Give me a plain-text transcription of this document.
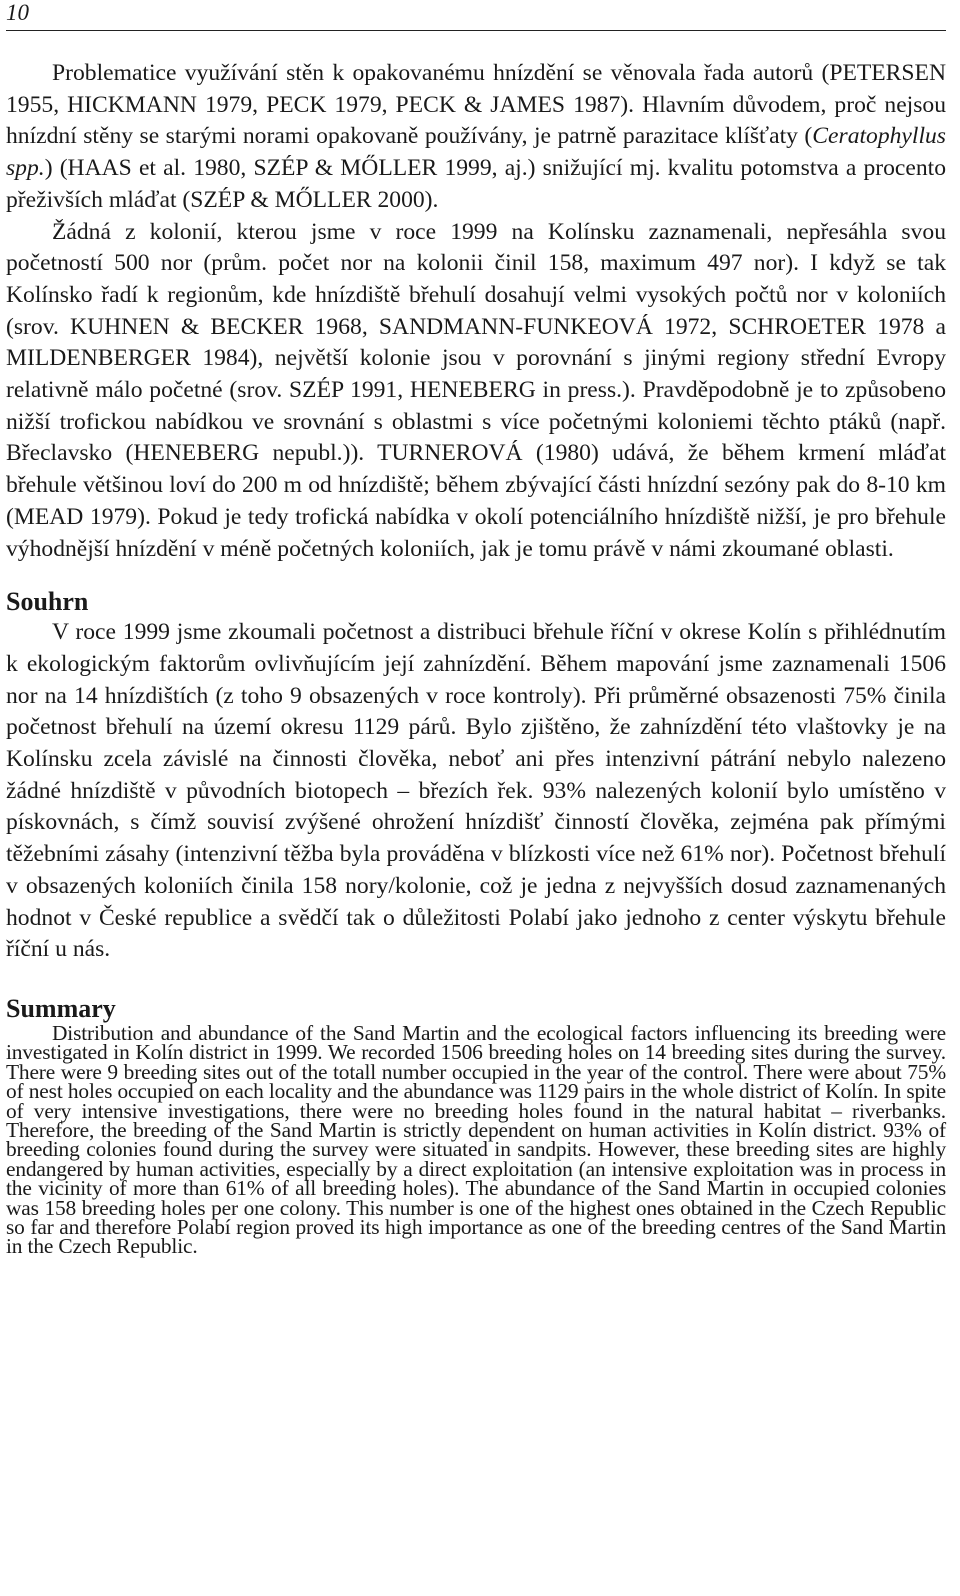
10

Problematice využívání stěn k opakovanému hnízdění se věnovala řada autorů (PETERSEN 1955, HICKMANN 1979, PECK 1979, PECK & JAMES 1987). Hlavním důvodem, proč nejsou hnízdní stěny se starými norami opakovaně používány, je patrně parazitace klíšťaty (Ceratophyllus spp.) (HAAS et al. 1980, SZÉP & MŐLLER 1999, aj.) snižující mj. kvalitu potomstva a procento přeživších mláďat (SZÉP & MŐLLER 2000).

Žádná z kolonií, kterou jsme v roce 1999 na Kolínsku zaznamenali, nepřesáhla svou početností 500 nor (prům. počet nor na kolonii činil 158, maximum 497 nor). I když se tak Kolínsko řadí k regionům, kde hnízdiště břehulí dosahují velmi vysokých počtů nor v koloniích (srov. KUHNEN & BECKER 1968, SANDMANN-FUNKEOVÁ 1972, SCHROETER 1978 a MILDENBERGER 1984), největší kolonie jsou v porovnání s jinými regiony střední Evropy relativně málo početné (srov. SZÉP 1991, HENEBERG in press.). Pravděpodobně je to způsobeno nižší trofickou nabídkou ve srovnání s oblastmi s více početnými koloniemi těchto ptáků (např. Břeclavsko (HENEBERG nepubl.)). TURNEROVÁ (1980) udává, že během krmení mláďat břehule většinou loví do 200 m od hnízdiště; během zbývající části hnízdní sezóny pak do 8-10 km (MEAD 1979). Pokud je tedy trofická nabídka v okolí potenciálního hnízdiště nižší, je pro břehule výhodnější hnízdění v méně početných koloniích, jak je tomu právě v námi zkoumané oblasti.

Souhrn

V roce 1999 jsme zkoumali početnost a distribuci břehule říční v okrese Kolín s přihlédnutím k ekologickým faktorům ovlivňujícím její zahnízdění. Během mapování jsme zaznamenali 1506 nor na 14 hnízdištích (z toho 9 obsazených v roce kontroly). Při průměrné obsazenosti 75% činila početnost břehulí na území okresu 1129 párů. Bylo zjištěno, že zahnízdění této vlaštovky je na Kolínsku zcela závislé na činnosti člověka, neboť ani přes intenzivní pátrání nebylo nalezeno žádné hnízdiště v původních biotopech – březích řek. 93% nalezených kolonií bylo umístěno v pískovnách, s čímž souvisí zvýšené ohrožení hnízdišť činností člověka, zejména pak přímými těžebními zásahy (intenzivní těžba byla prováděna v blízkosti více než 61% nor). Početnost břehulí v obsazených koloniích činila 158 nory/kolonie, což je jedna z nejvyšších dosud zaznamenaných hodnot v České republice a svědčí tak o důležitosti Polabí jako jednoho z center výskytu břehule říční u nás.

Summary

Distribution and abundance of the Sand Martin and the ecological factors influencing its breeding were investigated in Kolín district in 1999. We recorded 1506 breeding holes on 14 breeding sites during the survey. There were 9 breeding sites out of the totall number occupied in the year of the control. There were about 75% of nest holes occupied on each locality and the abundance was 1129 pairs in the whole district of Kolín. In spite of very intensive investigations, there were no breeding holes found in the natural habitat – riverbanks. Therefore, the breeding of the Sand Martin is strictly dependent on human activities in Kolín district. 93% of breeding colonies found during the survey were situated in sandpits. However, these breeding sites are highly endangered by human activities, especially by a direct exploitation (an intensive exploitation was in process in the vicinity of more than 61% of all breeding holes). The abundance of the Sand Martin in occupied colonies was 158 breeding holes per one colony. This number is one of the highest ones obtained in the Czech Republic so far and therefore Polabí region proved its high importance as one of the breeding centres of the Sand Martin in the Czech Republic.
